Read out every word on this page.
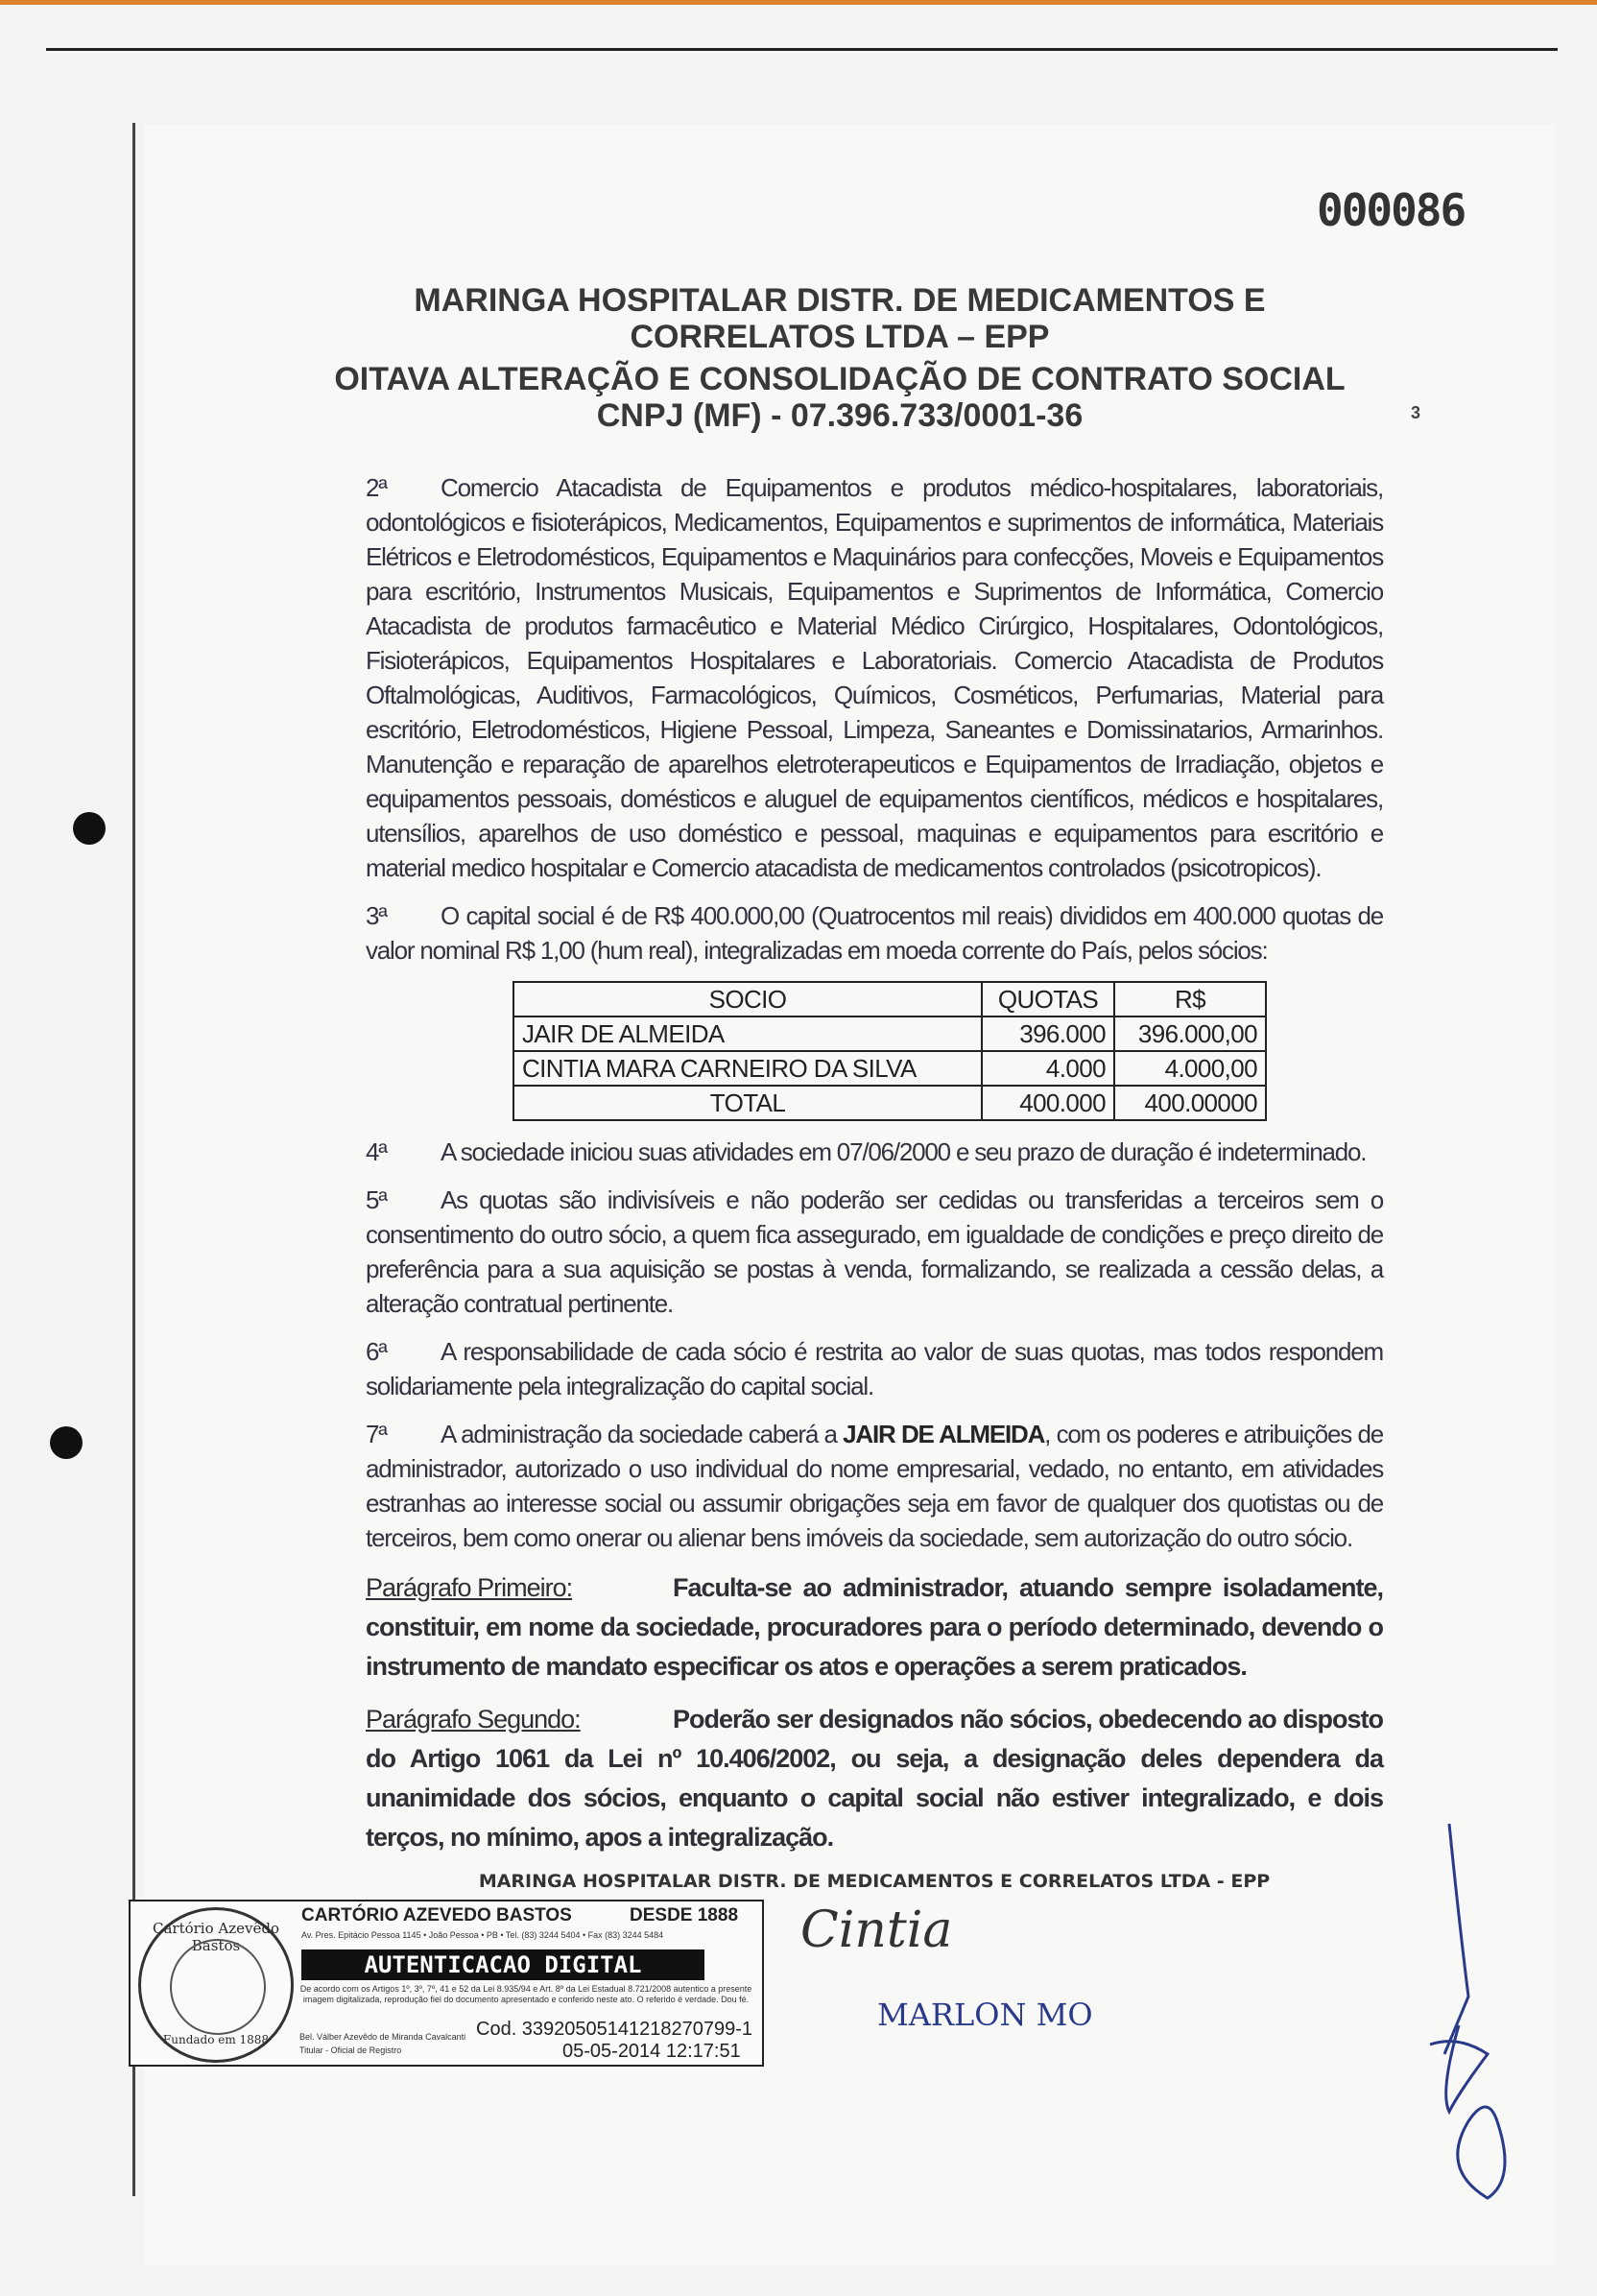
000086
MARINGA HOSPITALAR DISTR. DE MEDICAMENTOS E
CORRELATOS LTDA – EPP
OITAVA ALTERAÇÃO E CONSOLIDAÇÃO DE CONTRATO SOCIAL
CNPJ (MF) - 07.396.733/0001-36	3

2ª Comercio Atacadista de Equipamentos e produtos médico-hospitalares, laboratoriais, odontológicos e fisioterápicos, Medicamentos, Equipamentos e suprimentos de informática, Materiais Elétricos e Eletrodomésticos, Equipamentos e Maquinários para confecções, Moveis e Equipamentos para escritório, Instrumentos Musicais, Equipamentos e Suprimentos de Informática, Comercio Atacadista de produtos farmacêutico e Material Médico Cirúrgico, Hospitalares, Odontológicos, Fisioterápicos, Equipamentos Hospitalares e Laboratoriais. Comercio Atacadista de Produtos Oftalmológicas, Auditivos, Farmacológicos, Químicos, Cosméticos, Perfumarias, Material para escritório, Eletrodomésticos, Higiene Pessoal, Limpeza, Saneantes e Domissinatarios, Armarinhos. Manutenção e reparação de aparelhos eletroterapeuticos e Equipamentos de Irradiação, objetos e equipamentos pessoais, domésticos e aluguel de equipamentos científicos, médicos e hospitalares, utensílios, aparelhos de uso doméstico e pessoal, maquinas e equipamentos para escritório e material medico hospitalar e Comercio atacadista de medicamentos controlados (psicotropicos).

3ª O capital social é de R$ 400.000,00 (Quatrocentos mil reais) divididos em 400.000 quotas de valor nominal R$ 1,00 (hum real), integralizadas em moeda corrente do País, pelos sócios:

SOCIO	QUOTAS	R$
JAIR DE ALMEIDA	396.000	396.000,00
CINTIA MARA CARNEIRO DA SILVA	4.000	4.000,00
TOTAL	400.000	400.00000

4ª A sociedade iniciou suas atividades em 07/06/2000 e seu prazo de duração é indeterminado.

5ª As quotas são indivisíveis e não poderão ser cedidas ou transferidas a terceiros sem o consentimento do outro sócio, a quem fica assegurado, em igualdade de condições e preço direito de preferência para a sua aquisição se postas à venda, formalizando, se realizada a cessão delas, a alteração contratual pertinente.

6ª A responsabilidade de cada sócio é restrita ao valor de suas quotas, mas todos respondem solidariamente pela integralização do capital social.

7ª A administração da sociedade caberá a JAIR DE ALMEIDA, com os poderes e atribuições de administrador, autorizado o uso individual do nome empresarial, vedado, no entanto, em atividades estranhas ao interesse social ou assumir obrigações seja em favor de qualquer dos quotistas ou de terceiros, bem como onerar ou alienar bens imóveis da sociedade, sem autorização do outro sócio.

Parágrafo Primeiro:	Faculta-se ao administrador, atuando sempre isoladamente, constituir, em nome da sociedade, procuradores para o período determinado, devendo o instrumento de mandato especificar os atos e operações a serem praticados.

Parágrafo Segundo:	Poderão ser designados não sócios, obedecendo ao disposto do Artigo 1061 da Lei nº 10.406/2002, ou seja, a designação deles dependera da unanimidade dos sócios, enquanto o capital social não estiver integralizado, e dois terços, no mínimo, apos a integralização.

MARINGA HOSPITALAR DISTR. DE MEDICAMENTOS E CORRELATOS LTDA - EPP
Cartório Azevêdo Bastos
Fundado em 1888
CARTÓRIO AZEVEDO BASTOS	DESDE 1888
Av. Pres. Epitácio Pessoa 1145 • João Pessoa • PB • Tel. (83) 3244 5404 • Fax (83) 3244 5484
AUTENTICACAO DIGITAL
De acordo com os Artigos 1º, 3º, 7º, 41 e 52 da Lei 8.935/94 e Art. 8º da Lei Estadual 8.721/2008 autentico a presente imagem digitalizada, reprodução fiel do documento apresentado e conferido neste ato. O referido é verdade. Dou fé.
Cod. 33920505141218270799-1
05-05-2014 12:17:51
Bel. Válber Azevêdo de Miranda Cavalcanti
Titular - Oficial de Registro
Cintia
MARLON MO
